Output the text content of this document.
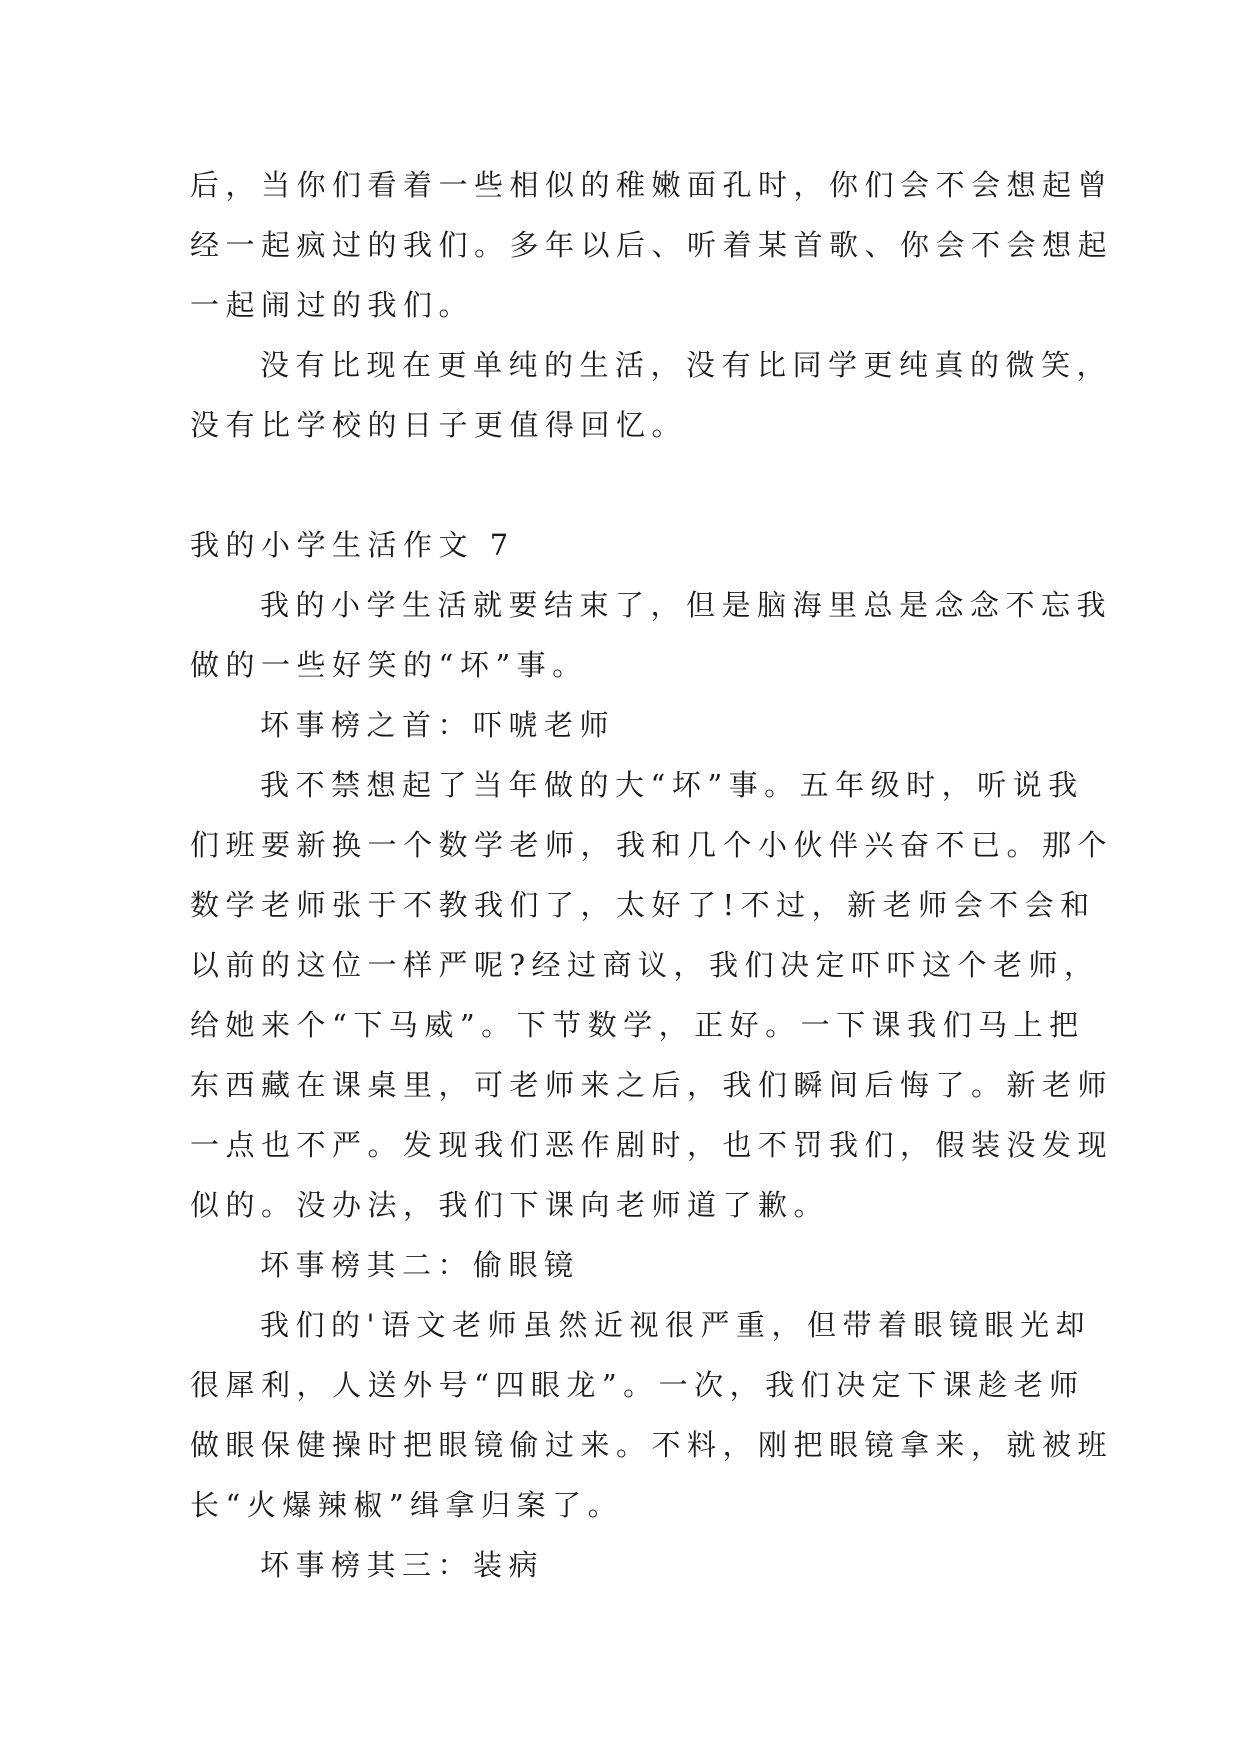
后，当你们看着一些相似的稚嫩面孔时，你们会不会想起曾
经一起疯过的我们。多年以后、听着某首歌、你会不会想起
一起闹过的我们。
没有比现在更单纯的生活，没有比同学更纯真的微笑，
没有比学校的日子更值得回忆。
我的小学生活作文 7
我的小学生活就要结束了，但是脑海里总是念念不忘我
做的一些好笑的“坏”事。
坏事榜之首：吓唬老师
我不禁想起了当年做的大“坏”事。五年级时，听说我
们班要新换一个数学老师，我和几个小伙伴兴奋不已。那个
数学老师张于不教我们了，太好了!不过，新老师会不会和
以前的这位一样严呢?经过商议，我们决定吓吓这个老师，
给她来个“下马威”。下节数学，正好。一下课我们马上把
东西藏在课桌里，可老师来之后，我们瞬间后悔了。新老师
一点也不严。发现我们恶作剧时，也不罚我们，假装没发现
似的。没办法，我们下课向老师道了歉。
坏事榜其二：偷眼镜
我们的'语文老师虽然近视很严重，但带着眼镜眼光却
很犀利，人送外号“四眼龙”。一次，我们决定下课趁老师
做眼保健操时把眼镜偷过来。不料，刚把眼镜拿来，就被班
长“火爆辣椒”缉拿归案了。
坏事榜其三：装病
